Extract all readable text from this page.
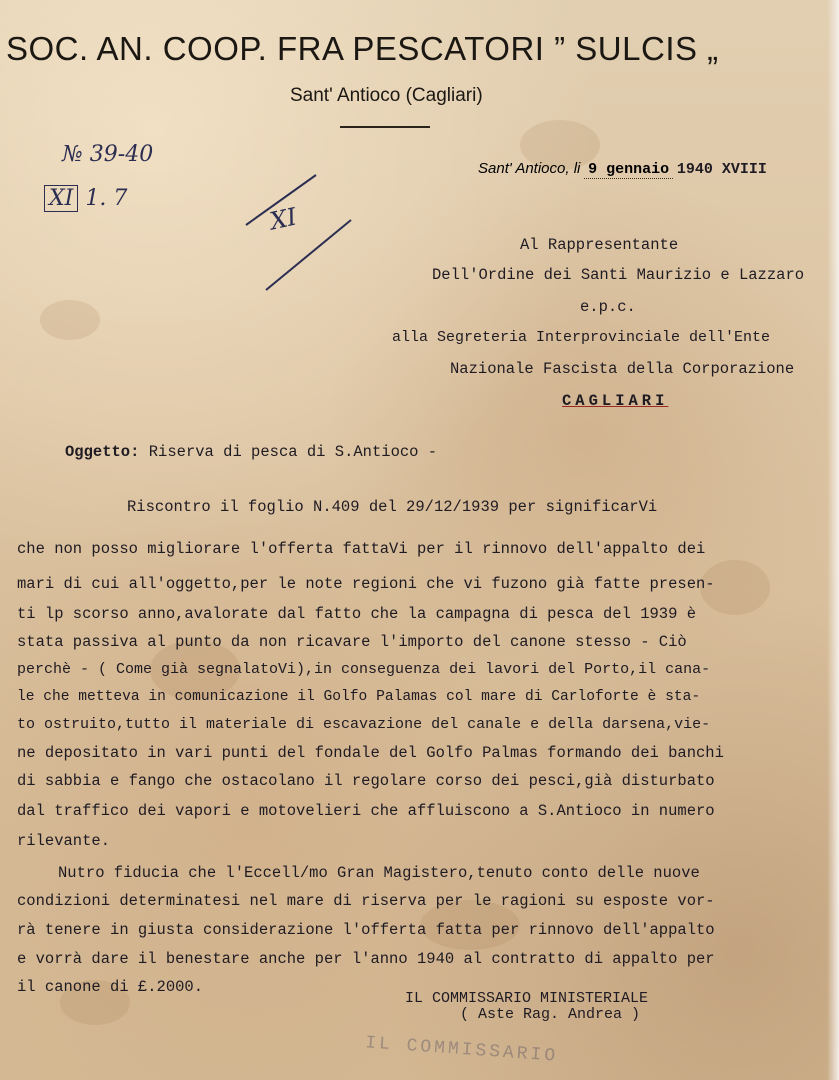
SOC. AN. COOP. FRA PESCATORI ” SULCIS „
Sant' Antioco (Cagliari)
№ 39-40
XI 1. 7
XI
Sant' Antioco, li 9 gennaio 1940 XVIII
Al Rappresentante
Dell'Ordine dei Santi Maurizio e Lazzaro
e.p.c.
alla Segreteria Interprovinciale dell'Ente
Nazionale Fascista della Corporazione
CAGLIARI
Oggetto: Riserva di pesca di S.Antioco -
Riscontro il foglio N.409 del 29/12/1939 per significarVi
che non posso migliorare l'offerta fattaVi per il rinnovo dell'appalto dei
mari di cui all'oggetto,per le note regioni che vi fuzono già fatte presen-
ti lp scorso anno,avalorate dal fatto che la campagna di pesca del 1939 è
stata passiva al punto da non ricavare l'importo del canone stesso - Ciò
perchè - ( Come già segnalatoVi),in conseguenza dei lavori del Porto,il cana-
le che metteva in comunicazione il Golfo Palamas col mare di Carloforte è sta-
to ostruito,tutto il materiale di escavazione del canale e della darsena,vie-
ne depositato in vari punti del fondale del Golfo Palmas formando dei banchi
di sabbia e fango che ostacolano il regolare corso dei pesci,già disturbato
dal traffico dei vapori e motovelieri che affluiscono a S.Antioco in numero
rilevante.
Nutro fiducia che l'Eccell/mo Gran Magistero,tenuto conto delle nuove
condizioni determinatesi nel mare di riserva per le ragioni su esposte vor-
rà tenere in giusta considerazione l'offerta fatta per rinnovo dell'appalto
e vorrà dare il benestare anche per l'anno 1940 al contratto di appalto per
il canone di £.2000.
IL COMMISSARIO MINISTERIALE
( Aste Rag. Andrea )
IL COMMISSARIO
